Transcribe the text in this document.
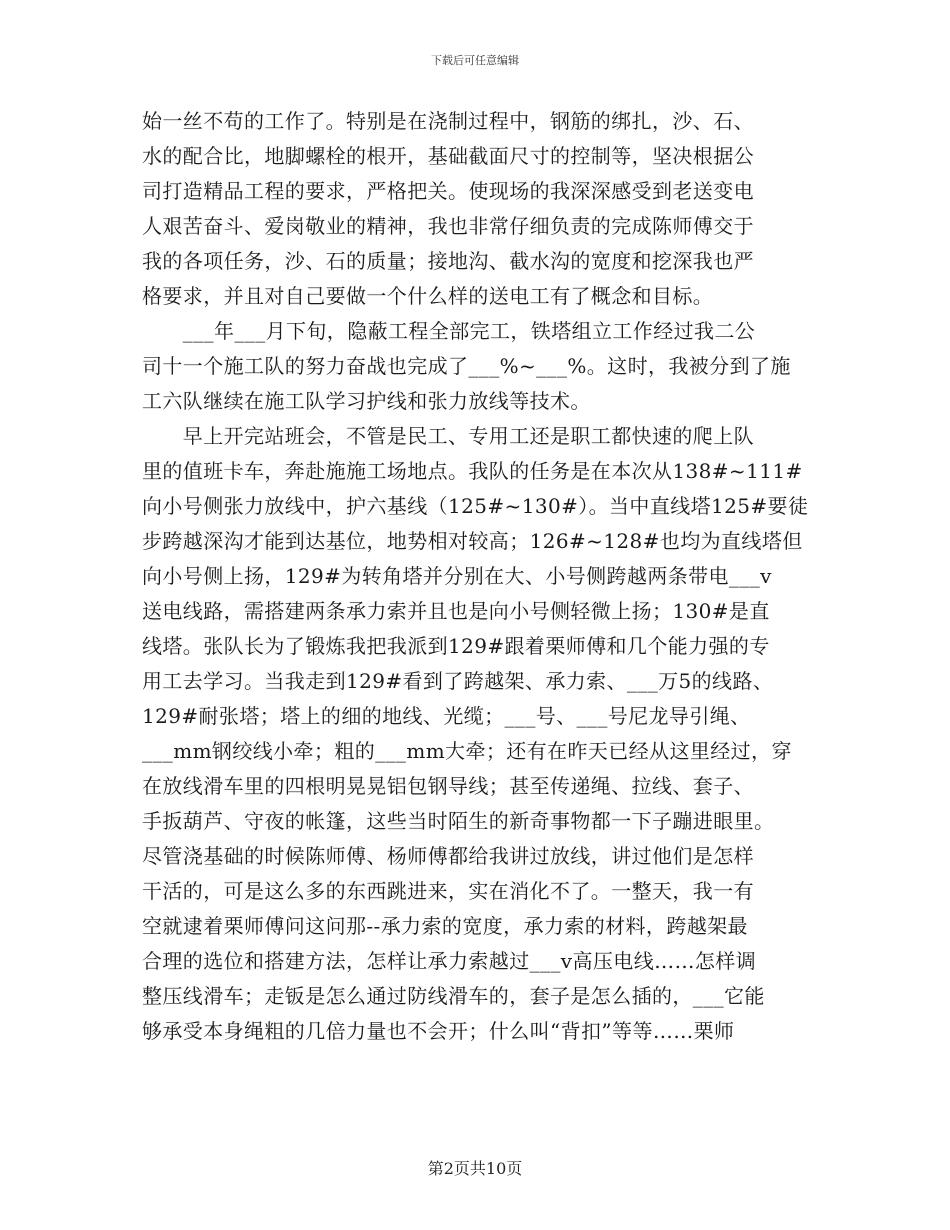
下载后可任意编辑
始一丝不苟的工作了。特别是在浇制过程中，钢筋的绑扎，沙、石、
水的配合比，地脚螺栓的根开，基础截面尺寸的控制等，坚决根据公
司打造精品工程的要求，严格把关。使现场的我深深感受到老送变电
人艰苦奋斗、爱岗敬业的精神，我也非常仔细负责的完成陈师傅交于
我的各项任务，沙、石的质量；接地沟、截水沟的宽度和挖深我也严
格要求，并且对自己要做一个什么样的送电工有了概念和目标。
　　___年___月下旬，隐蔽工程全部完工，铁塔组立工作经过我二公
司十一个施工队的努力奋战也完成了___%~___%。这时，我被分到了施
工六队继续在施工队学习护线和张力放线等技术。
　　早上开完站班会，不管是民工、专用工还是职工都快速的爬上队
里的值班卡车，奔赴施施工场地点。我队的任务是在本次从138#~111#
向小号侧张力放线中，护六基线（125#~130#）。当中直线塔125#要徒
步跨越深沟才能到达基位，地势相对较高；126#~128#也均为直线塔但
向小号侧上扬，129#为转角塔并分别在大、小号侧跨越两条带电___v
送电线路，需搭建两条承力索并且也是向小号侧轻微上扬；130#是直
线塔。张队长为了锻炼我把我派到129#跟着栗师傅和几个能力强的专
用工去学习。当我走到129#看到了跨越架、承力索、___万5的线路、
129#耐张塔；塔上的细的地线、光缆；___号、___号尼龙导引绳、
___mm钢绞线小牵；粗的___mm大牵；还有在昨天已经从这里经过，穿
在放线滑车里的四根明晃晃铝包钢导线；甚至传递绳、拉线、套子、
手扳葫芦、守夜的帐篷，这些当时陌生的新奇事物都一下子蹦进眼里。
尽管浇基础的时候陈师傅、杨师傅都给我讲过放线，讲过他们是怎样
干活的，可是这么多的东西跳进来，实在消化不了。一整天，我一有
空就逮着栗师傅问这问那--承力索的宽度，承力索的材料，跨越架最
合理的选位和搭建方法，怎样让承力索越过___v高压电线……怎样调
整压线滑车；走钣是怎么通过防线滑车的，套子是怎么插的，___它能
够承受本身绳粗的几倍力量也不会开；什么叫“背扣”等等……栗师
第2页共10页
